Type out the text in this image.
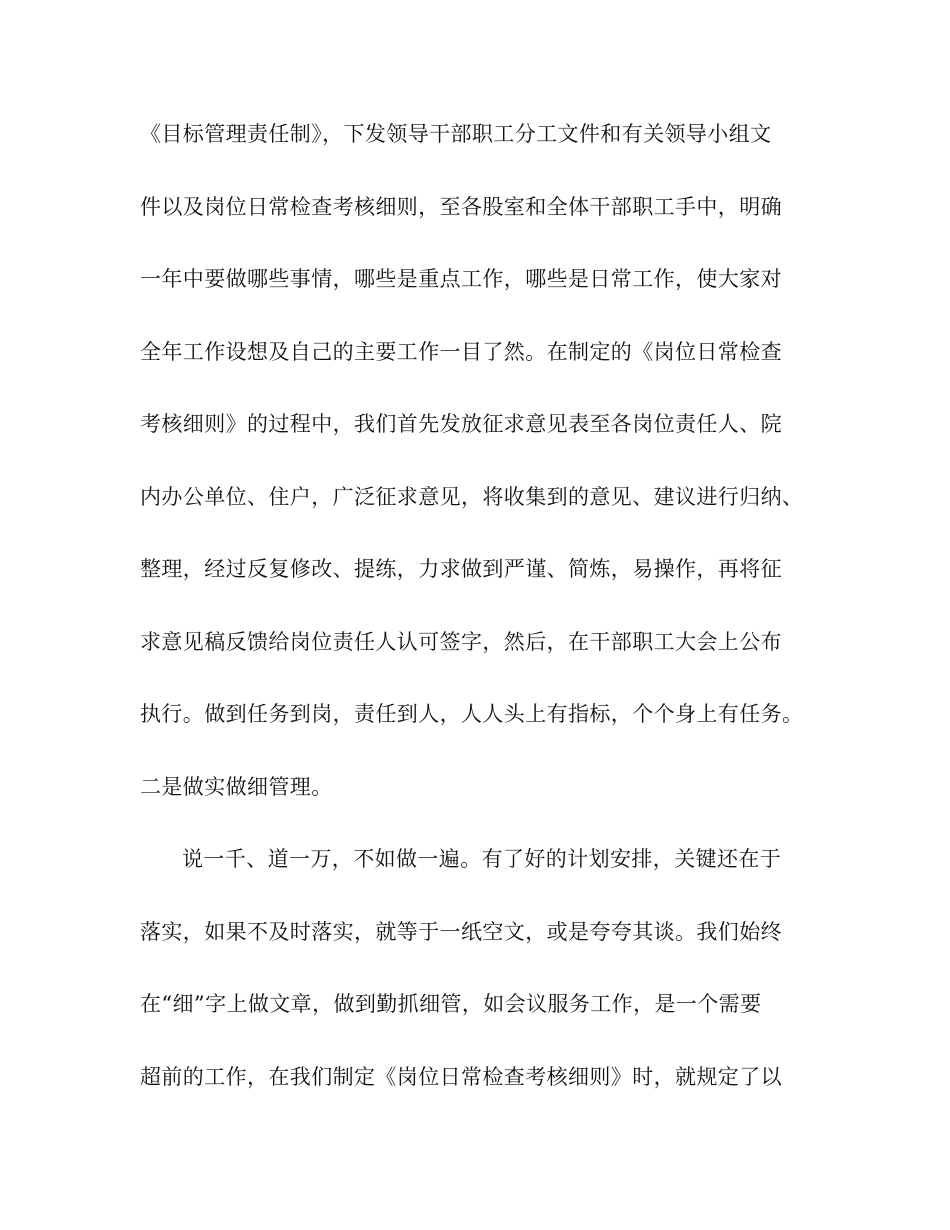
《目标管理责任制》，下发领导干部职工分工文件和有关领导小组文
件以及岗位日常检查考核细则，至各股室和全体干部职工手中，明确
一年中要做哪些事情，哪些是重点工作，哪些是日常工作，使大家对
全年工作设想及自己的主要工作一目了然。在制定的《岗位日常检查
考核细则》的过程中，我们首先发放征求意见表至各岗位责任人、院
内办公单位、住户，广泛征求意见，将收集到的意见、建议进行归纳、
整理，经过反复修改、提练，力求做到严谨、简炼，易操作，再将征
求意见稿反馈给岗位责任人认可签字，然后，在干部职工大会上公布
执行。做到任务到岗，责任到人，人人头上有指标，个个身上有任务。
二是做实做细管理。
说一千、道一万，不如做一遍。有了好的计划安排，关键还在于
落实，如果不及时落实，就等于一纸空文，或是夸夸其谈。我们始终
在“细”字上做文章，做到勤抓细管，如会议服务工作，是一个需要
超前的工作，在我们制定《岗位日常检查考核细则》时，就规定了以
